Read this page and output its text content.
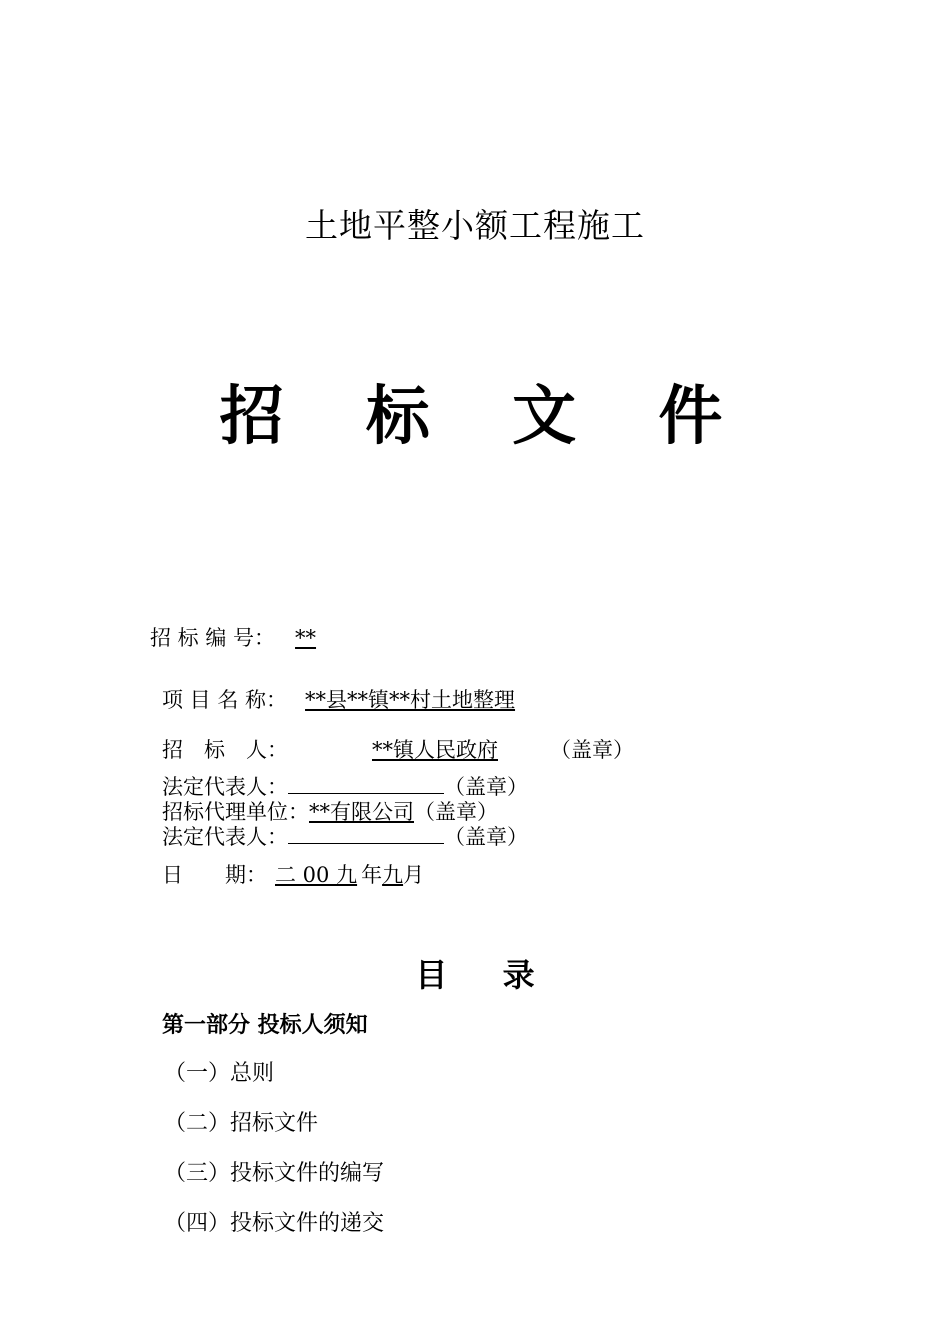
土地平整小额工程施工
招 标 文 件
招 标 编 号： **
项 目 名 称： **县**镇**村土地整理
招　标　人：	**镇人民政府 （盖章）
法定代表人：	（盖章）
招标代理单位：**有限公司（盖章）
法定代表人：	（盖章）
日　　期： 二 00 九 年九月
目 录
第一部分 投标人须知
（一）总则
（二）招标文件
（三）投标文件的编写
（四）投标文件的递交
